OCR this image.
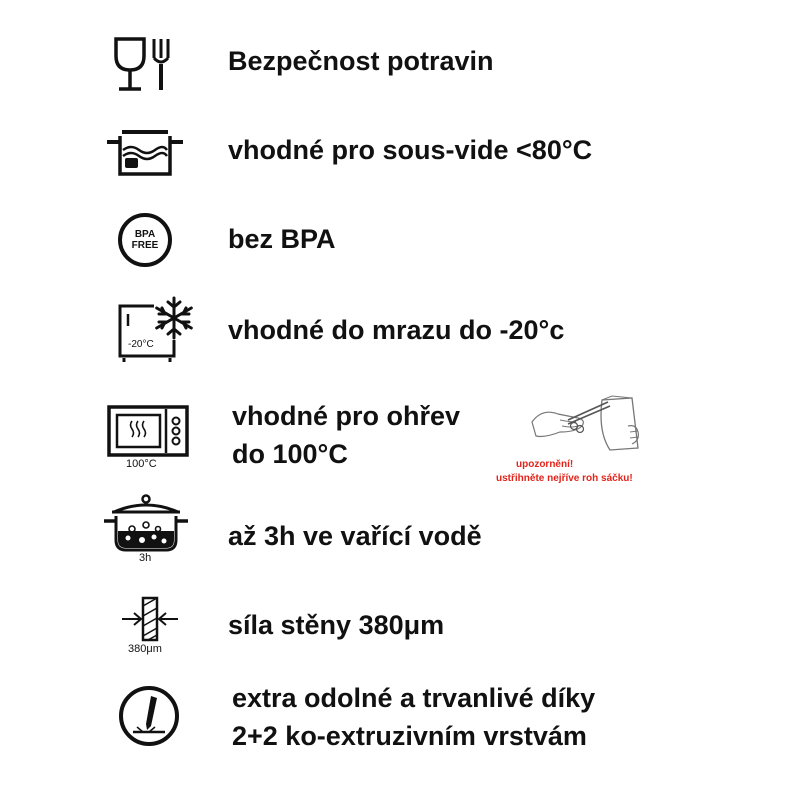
Bezpečnost potravin
vhodné pro sous-vide <80°C
BPA
FREE	bez BPA
-20°C	vhodné do mrazu do -20°c
100°C
vhodné pro ohřev
do 100°C	upozornění!
ustřihněte nejříve roh sáčku!
3h
až 3h ve vařící vodě
380μm
síla stěny 380μm
extra odolné a trvanlivé díky
2+2 ko-extruzivním vrstvám
